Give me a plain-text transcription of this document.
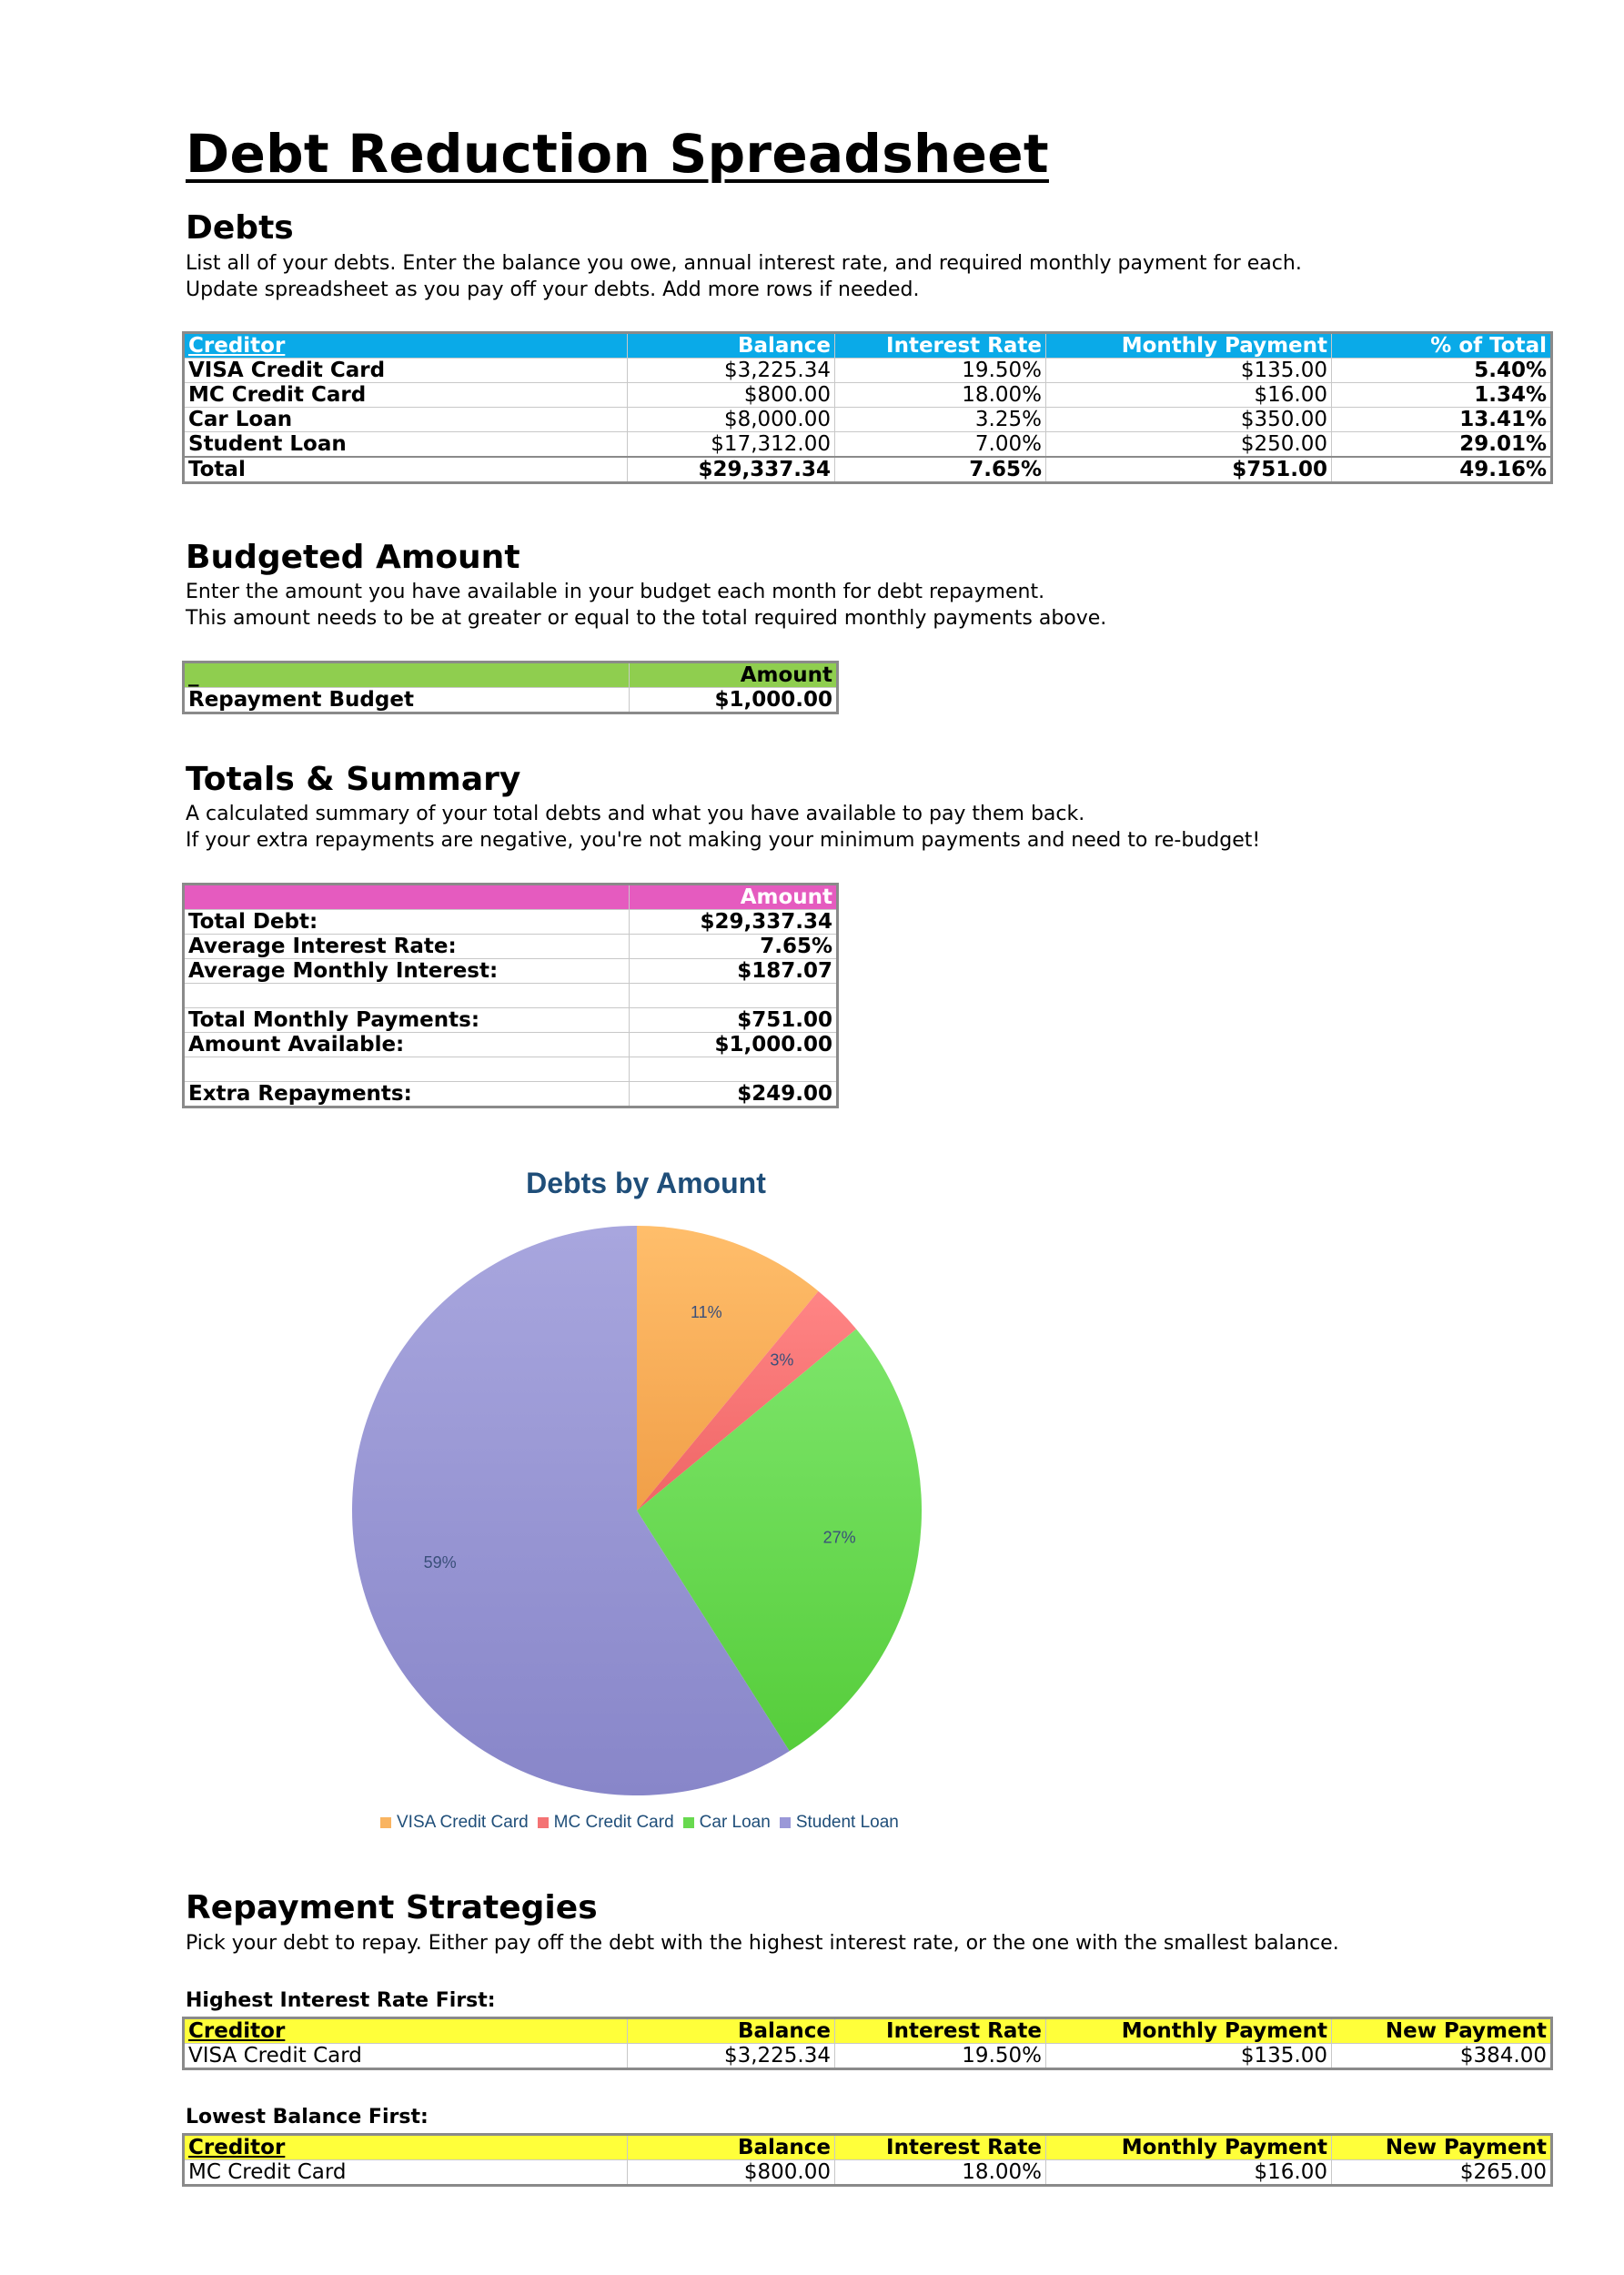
Debt Reduction Spreadsheet
Debts

List all of your debts. Enter the balance you owe, annual interest rate, and required monthly payment for each.

Update spreadsheet as you pay off your debts. Add more rows if needed.

Creditor	Balance	Interest Rate	Monthly Payment	% of Total
VISA Credit Card	$3,225.34	19.50%	$135.00	5.40%
MC Credit Card	$800.00	18.00%	$16.00	1.34%
Car Loan	$8,000.00	3.25%	$350.00	13.41%
Student Loan	$17,312.00	7.00%	$250.00	29.01%
Total	$29,337.34	7.65%	$751.00	49.16%
Budgeted Amount

Enter the amount you have available in your budget each month for debt repayment.

This amount needs to be at greater or equal to the total required monthly payments above.

_	Amount
Repayment Budget	$1,000.00
Totals & Summary

A calculated summary of your total debts and what you have available to pay them back.

If your extra repayments are negative, you're not making your minimum payments and need to re-budget!

	Amount
Total Debt:	$29,337.34
Average Interest Rate:	7.65%
Average Monthly Interest:	$187.07

Total Monthly Payments:	$751.00
Amount Available:	$1,000.00

Extra Repayments:	$249.00
Debts by Amount
11%
3%
27%
59%
VISA Credit Card	MC Credit Card	Car Loan	Student Loan
Repayment Strategies

Pick your debt to repay. Either pay off the debt with the highest interest rate, or the one with the smallest balance.

Highest Interest Rate First:

Creditor	Balance	Interest Rate	Monthly Payment	New Payment
VISA Credit Card	$3,225.34	19.50%	$135.00	$384.00

Lowest Balance First:

Creditor	Balance	Interest Rate	Monthly Payment	New Payment
MC Credit Card	$800.00	18.00%	$16.00	$265.00
